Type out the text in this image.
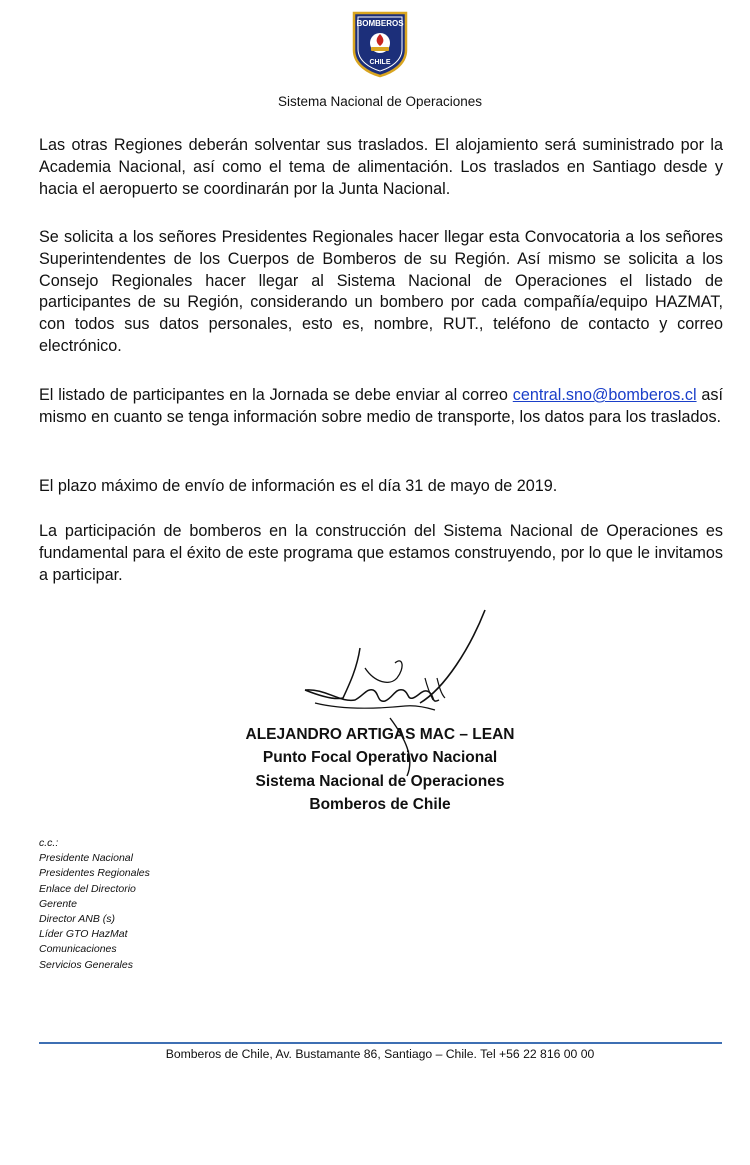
BOMBEROS
CHILE
Sistema Nacional de Operaciones

Las otras Regiones deberán solventar sus traslados. El alojamiento será suministrado por la Academia Nacional, así como el tema de alimentación. Los traslados en Santiago desde y hacia el aeropuerto se coordinarán por la Junta Nacional.

Se solicita a los señores Presidentes Regionales hacer llegar esta Convocatoria a los señores Superintendentes de los Cuerpos de Bomberos de su Región. Así mismo se solicita a los Consejo Regionales hacer llegar al Sistema Nacional de Operaciones el listado de participantes de su Región, considerando un bombero por cada compañía/equipo HAZMAT, con todos sus datos personales, esto es, nombre, RUT., teléfono de contacto y correo electrónico.

El listado de participantes en la Jornada se debe enviar al correo central.sno@bomberos.cl así mismo en cuanto se tenga información sobre medio de transporte, los datos para los traslados.

El plazo máximo de envío de información es el día 31 de mayo de 2019.

La participación de bomberos en la construcción del Sistema Nacional de Operaciones es fundamental para el éxito de este programa que estamos construyendo, por lo que le invitamos a participar.

ALEJANDRO ARTIGAS MAC – LEAN
Punto Focal Operativo Nacional
Sistema Nacional de Operaciones
Bomberos de Chile
c.c.:
Presidente Nacional
Presidentes Regionales
Enlace del Directorio
Gerente
Director ANB (s)
Líder GTO HazMat
Comunicaciones
Servicios Generales
Bomberos de Chile, Av. Bustamante 86, Santiago – Chile. Tel +56 22 816 00 00
